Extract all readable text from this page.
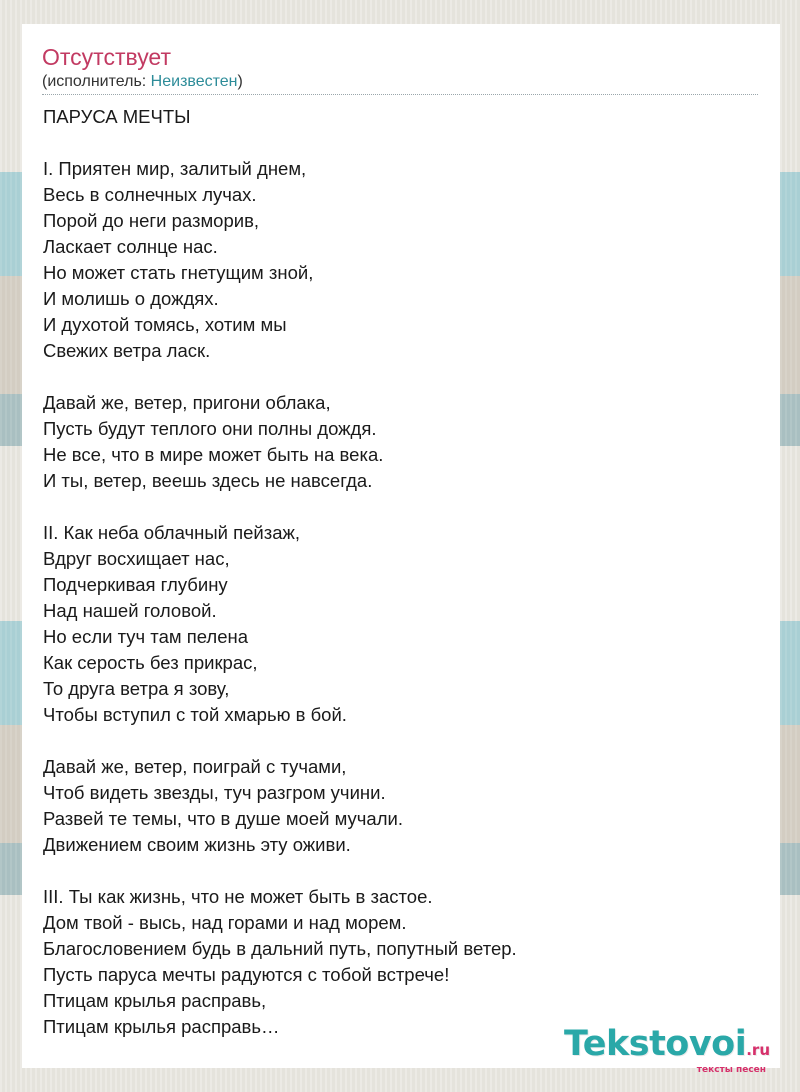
Отсутствует
(исполнитель: Неизвестен)
ПАРУСА МЕЧТЫ

I. Приятен мир, залитый днем,
Весь в солнечных лучах.
Порой до неги разморив,
Ласкает солнце нас.
Но может стать гнетущим зной,
И молишь о дождях.
И духотой томясь, хотим мы
Свежих ветра ласк.

Давай же, ветер, пригони облака,
Пусть будут теплого они полны дождя.
Не все, что в мире может быть на века.
И ты, ветер, веешь здесь не навсегда.

II. Как неба облачный пейзаж,
Вдруг восхищает нас,
Подчеркивая глубину
Над нашей головой.
Но если туч там пелена
Как серость без прикрас,
То друга ветра я зову,
Чтобы вступил с той хмарью в бой.

Давай же, ветер, поиграй с тучами,
Чтоб видеть звезды, туч разгром учини.
Развей те темы, что в душе моей мучали.
Движением своим жизнь эту оживи.

III. Ты как жизнь, что не может быть в застое.
Дом твой - высь, над горами и над морем.
Благословением будь в дальний путь, попутный ветер.
Пусть паруса мечты радуются с тобой встрече!
Птицам крылья расправь,
Птицам крылья расправь…	Tekstovoi.ru
тексты песен
